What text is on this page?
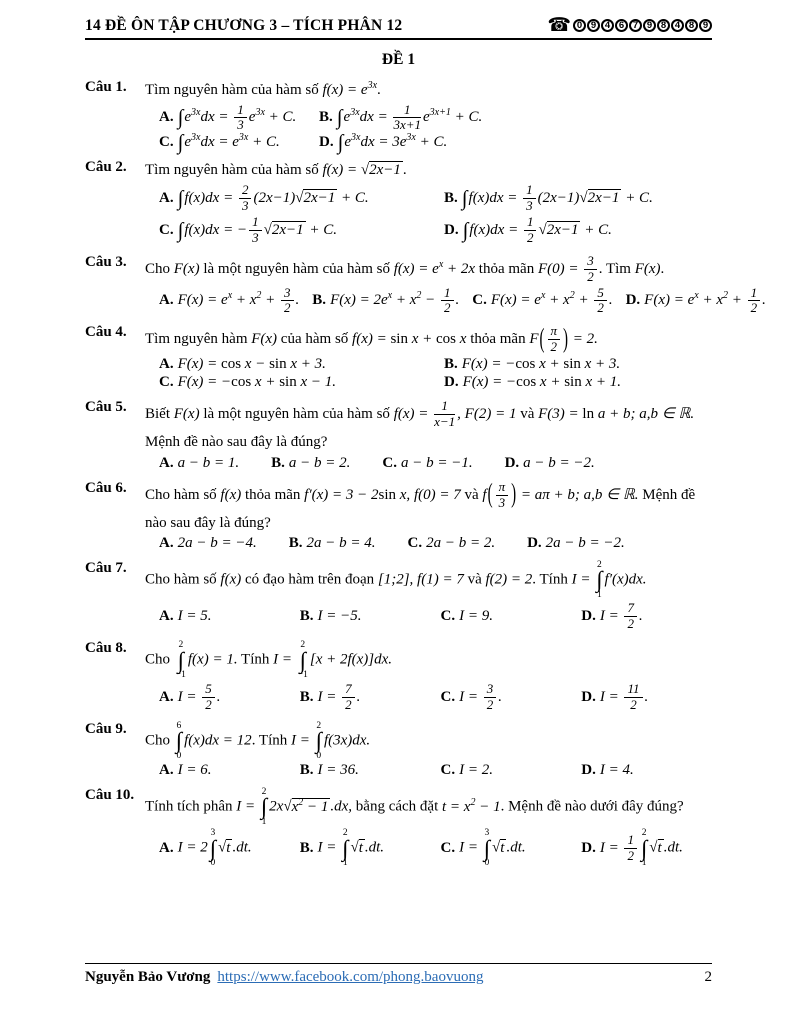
14 ĐỀ ÔN TẬP CHƯƠNG 3 – TÍCH PHÂN 12	☎ 0 9 4 6 7 9 8 4 8 9
ĐỀ 1
Câu 1.	Tìm nguyên hàm của hàm số $f(x) = e^{3x}$.
A. $\int e^{3x}dx = \frac{1}{3} e^{3x} + C$.	B. $\int e^{3x}dx = \frac{1}{3x+1} e^{3x+1} + C$.
C. $\int e^{3x}dx = e^{3x} + C$.	D. $\int e^{3x}dx = 3e^{3x} + C$.
Câu 2.	Tìm nguyên hàm của hàm số f(x) = √2x−1 .
A. $\int f(x)dx = \frac{2}{3} (2x-1)√2x-1 + C$.	B. $\int f(x)dx = \frac{1}{3} (2x-1)√2x-1 + C$.
C. ∫f(x)dx = − $\frac{1}{3} √2x-1 + C$.	D. $\int f(x)dx = \frac{1}{2} √2x-1 + C$.
Câu 3.	Cho F(x) là một nguyên hàm của hàm số $f(x) = e^x + 2x$ thỏa mãn $F(0) = \frac{3}{2}$ . Tìm F(x).
A. $F(x) = e^x + x^2 + \frac{3}{2}$ . B. $F(x) = 2e^x + x^2 - \frac{1}{2}$ . C. $F(x) = e^x + x^2 + \frac{5}{2}$ . D. $F(x) = e^x + x^2 + \frac{1}{2}$ .
Câu 4.	Tìm nguyên hàm F(x) của hàm số f(x) = sin x + cos x thỏa mãn $F( \frac{\pi}{2}$ ) = 2.
A. F(x) = cos x − sin x + 3.	B. F(x) = −cos x + sin x + 3.
C. F(x) = −cos x + sin x − 1.	D. F(x) = −cos x + sin x + 1.
Câu 5.	Biết F(x) là một nguyên hàm của hàm số $f(x) = \frac{1}{x-1}$ , F(2) = 1 và F(3) = ln a + b; a,b ∈ ℝ.
Mệnh đề nào sau đây là đúng?
A. a − b = 1. B. a − b = 2. C. a − b = −1. D. a − b = −2.
Câu 6.	Cho hàm số f(x) thỏa mãn f′(x) = 3 − 2sin x, f(0) = 7 và $f( \frac{\pi}{3}$ ) = aπ + b; a,b ∈ ℝ. Mệnh đề
nào sau đây là đúng?
A. 2a − b = −4. B. 2a − b = 4. C. 2a − b = 2. D. 2a − b = −2.
Câu 7.
Cho hàm số f(x) có đạo hàm trên đoạn [1;2], f(1) = 7 và f(2) = 2. Tính I =
2
∫
1
f′(x)dx.
A. I = 5.	B. I = −5.	C. I = 9.	D. $I = \frac{7}{2}$ .
Câu 8.
Cho
2
∫
−1
f(x) = 1. Tính I =
2
∫
−1
[x + 2f(x)]dx.
A. $I = \frac{5}{2}$ .	B. $I = \frac{7}{2}$ .	C. $I = \frac{3}{2}$ .	D. $I = \frac{11}{2}$ .
Câu 9.
Cho
6
∫
0
f(x)dx = 12. Tính I =
2
∫
0
f(3x)dx.
A. I = 6.	B. I = 36.	C. I = 2.	D. I = 4.
Câu 10.
Tính tích phân I =
2
∫
1
$2x√x^2 - 1$ .dx, bằng cách đặt $t = x^2 - 1$. Mệnh đề nào dưới đây đúng?
A. I = 2
3
∫
0
√t .dt.	B. I =
2
∫
1
√t .dt.	C. I =
3
∫
0
√t .dt.	D. $I = \frac{1}{2} 2$
∫
1
√t .dt.
Nguyễn Bảo Vương https://www.facebook.com/phong.baovuong	2
